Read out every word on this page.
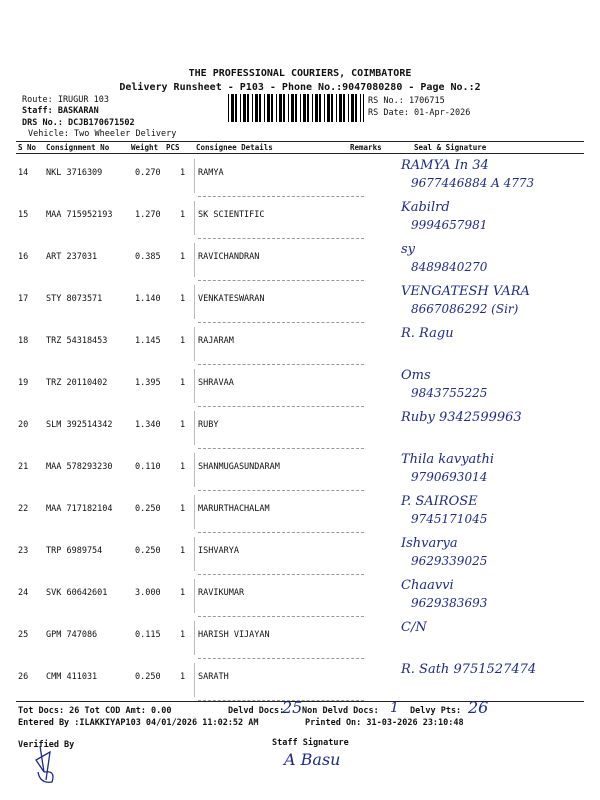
THE PROFESSIONAL COURIERS, COIMBATORE
Delivery Runsheet - P103 - Phone No.:9047080280 - Page No.:2
Route: IRUGUR 103
Staff: BASKARAN
DRS No.: DCJB170671502
Vehicle: Two Wheeler Delivery
RS No.: 1706715
RS Date: 01-Apr-2026
S No Consignment No	Weight PCS Consignee Details	Remarks	Seal & Signature
14 NKL 3716309	0.270 1 RAMYA	RAMYA In 34
9677446884 A 4773
15 MAA 715952193	1.270 1 SK SCIENTIFIC	Kabilrd
9994657981
16 ART 237031	0.385 1 RAVICHANDRAN	sy
8489840270
17 STY 8073571	1.140 1 VENKATESWARAN	VENGATESH VARA
8667086292 (Sir)
18 TRZ 54318453	1.145 1 RAJARAM	R. Ragu
19 TRZ 20110402	1.395 1 SHRAVAA	Oms
9843755225
20 SLM 392514342	1.340 1 RUBY	Ruby 9342599963
21 MAA 578293230	0.110 1 SHANMUGASUNDARAM	Thila kavyathi
9790693014
22 MAA 717182104	0.250 1 MARURTHACHALAM	P. SAIROSE
9745171045
23 TRP 6989754	0.250 1 ISHVARYA	Ishvarya
9629339025
24 SVK 60642601	3.000 1 RAVIKUMAR	Chaavvi
9629383693
25 GPM 747086	0.115 1 HARISH VIJAYAN	C/N
26 CMM 411031	0.250 1 SARATH	R. Sath 9751527474
Tot Docs: 26 Tot COD Amt: 0.00	Delvd Docs:
25 Non Delvd Docs: 1 Delvy Pts: 26
Entered By :ILAKKIYAP103 04/01/2026 11:02:52 AM	Printed On: 31-03-2026 23:10:48
Verified By	Staff Signature
A Basu
